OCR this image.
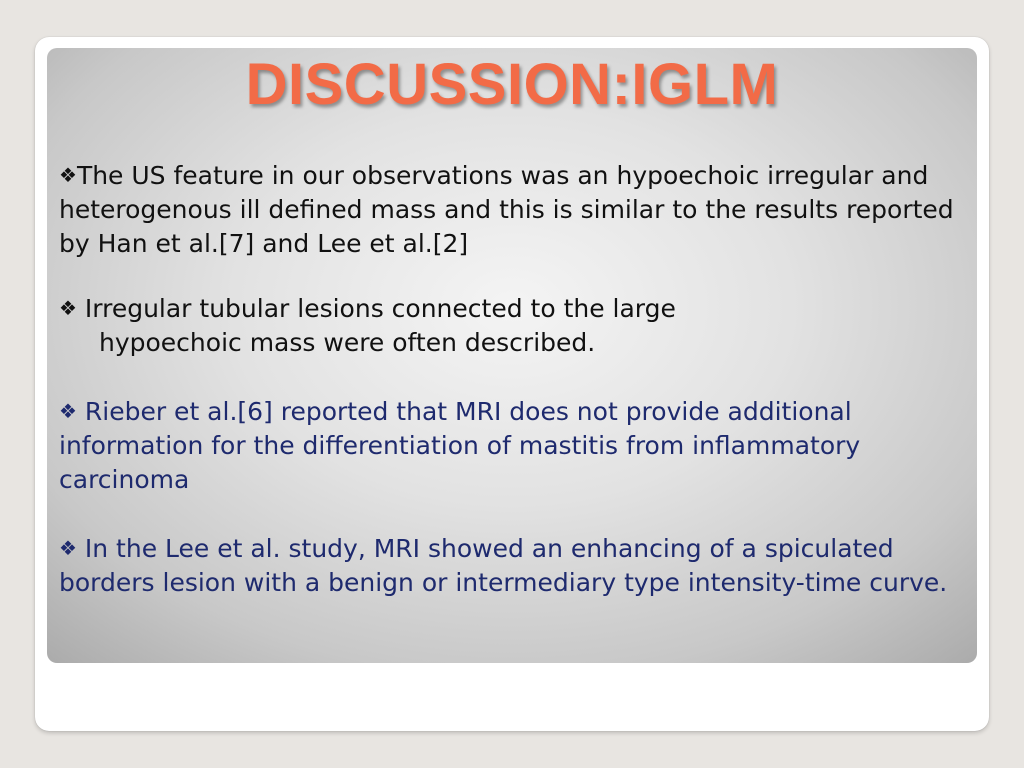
DISCUSSION:IGLM

❖The US feature in our observations was an hypoechoic irregular and heterogenous ill defined mass and this is similar to the results reported by Han et al.[7] and Lee et al.[2]

❖ Irregular tubular lesions connected to the large
hypoechoic mass were often described.

❖ Rieber et al.[6] reported that MRI does not provide additional information for the differentiation of mastitis from inflammatory carcinoma

❖ In the Lee et al. study, MRI showed an enhancing of a spiculated borders lesion with a benign or intermediary type intensity-time curve.
